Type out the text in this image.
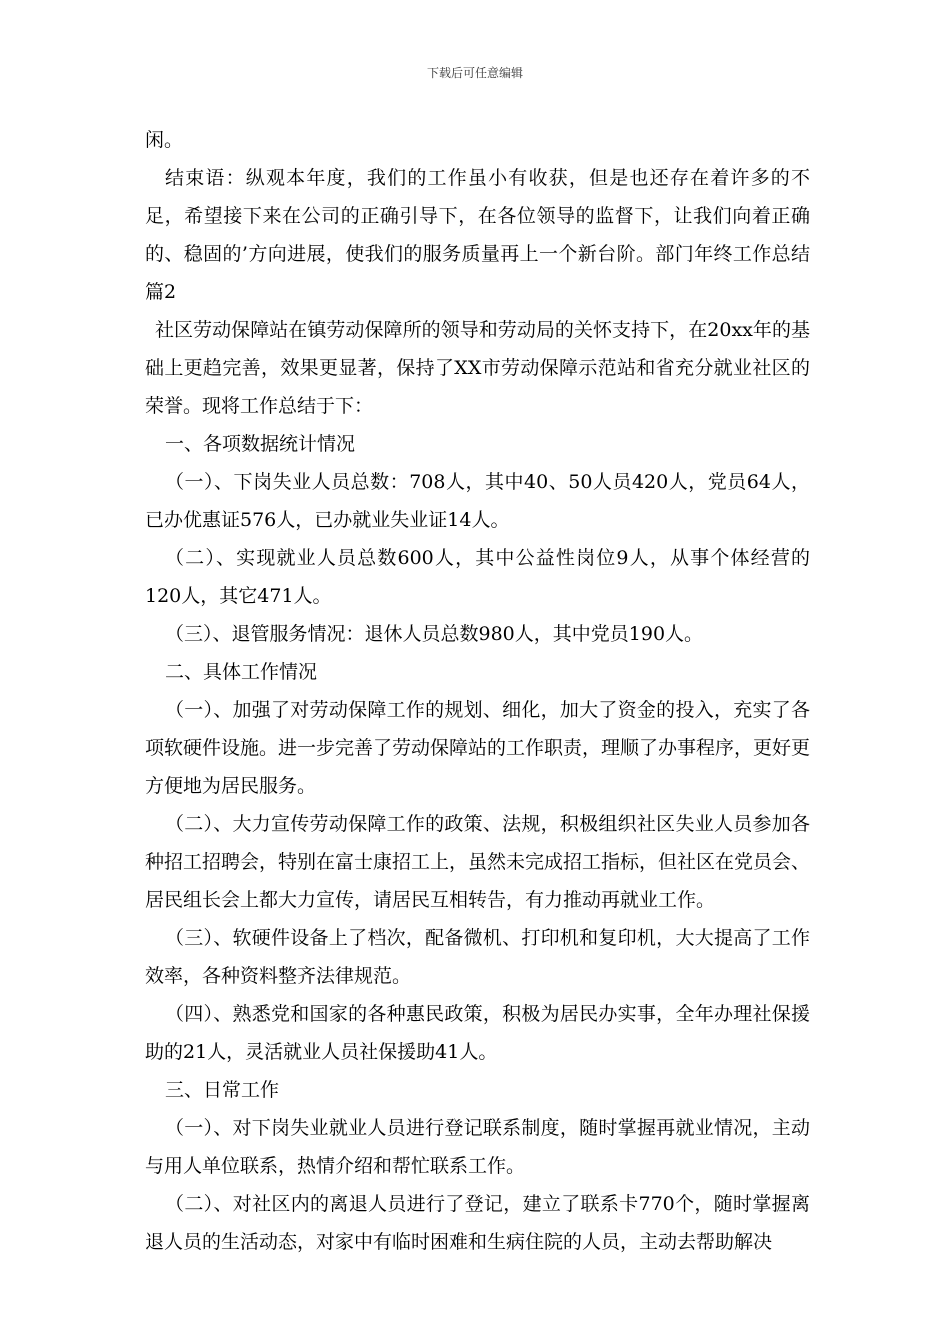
下载后可任意编辑

闲。

结束语：纵观本年度，我们的工作虽小有收获，但是也还存在着许多的不足，希望接下来在公司的正确引导下，在各位领导的监督下，让我们向着正确的、稳固的’方向进展，使我们的服务质量再上一个新台阶。部门年终工作总结 篇2

社区劳动保障站在镇劳动保障所的领导和劳动局的关怀支持下，在20xx年的基础上更趋完善，效果更显著，保持了XX市劳动保障示范站和省充分就业社区的荣誉。现将工作总结于下：

一、各项数据统计情况

（一）、下岗失业人员总数：708人，其中40、50人员420人，党员64人，已办优惠证576人，已办就业失业证14人。

（二）、实现就业人员总数600人，其中公益性岗位9人，从事个体经营的120人，其它471人。

（三）、退管服务情况：退休人员总数980人，其中党员190人。

二、具体工作情况

（一）、加强了对劳动保障工作的规划、细化，加大了资金的投入，充实了各项软硬件设施。进一步完善了劳动保障站的工作职责，理顺了办事程序，更好更方便地为居民服务。

（二）、大力宣传劳动保障工作的政策、法规，积极组织社区失业人员参加各种招工招聘会，特别在富士康招工上，虽然未完成招工指标，但社区在党员会、居民组长会上都大力宣传，请居民互相转告，有力推动再就业工作。

（三）、软硬件设备上了档次，配备微机、打印机和复印机，大大提高了工作效率，各种资料整齐法律规范。

（四）、熟悉党和国家的各种惠民政策，积极为居民办实事，全年办理社保援助的21人，灵活就业人员社保援助41人。

三、日常工作

（一）、对下岗失业就业人员进行登记联系制度，随时掌握再就业情况，主动与用人单位联系，热情介绍和帮忙联系工作。

（二）、对社区内的离退人员进行了登记，建立了联系卡770个，随时掌握离退人员的生活动态，对家中有临时困难和生病住院的人员，主动去帮助解决
